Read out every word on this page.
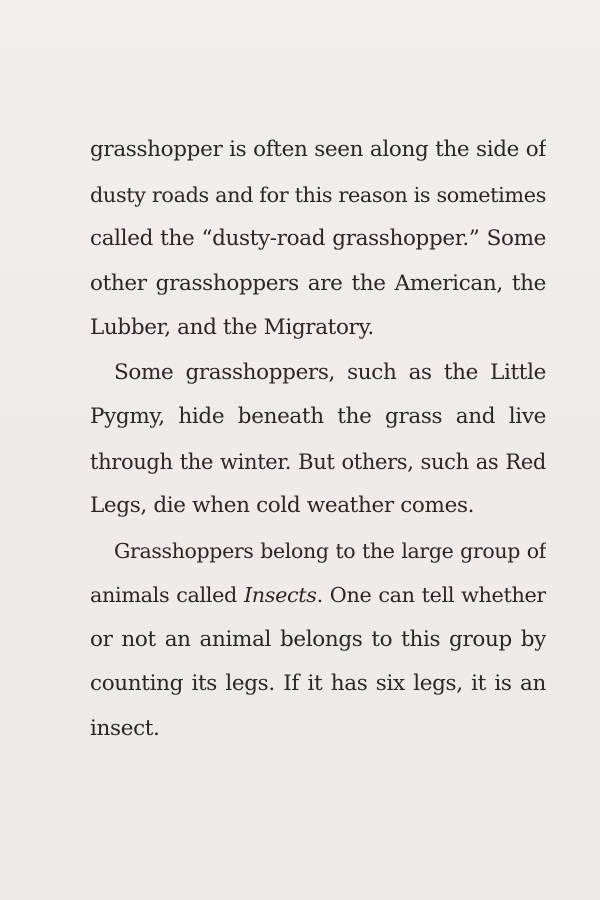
grasshopper is often seen along the side of
dusty roads and for this reason is sometimes
called the “dusty-road grasshopper.” Some
other grasshoppers are the American, the
Lubber, and the Migratory.
Some grasshoppers, such as the Little
Pygmy, hide beneath the grass and live
through the winter. But others, such as Red
Legs, die when cold weather comes.
Grasshoppers belong to the large group of
animals called Insects. One can tell whether
or not an animal belongs to this group by
counting its legs. If it has six legs, it is an
insect.
